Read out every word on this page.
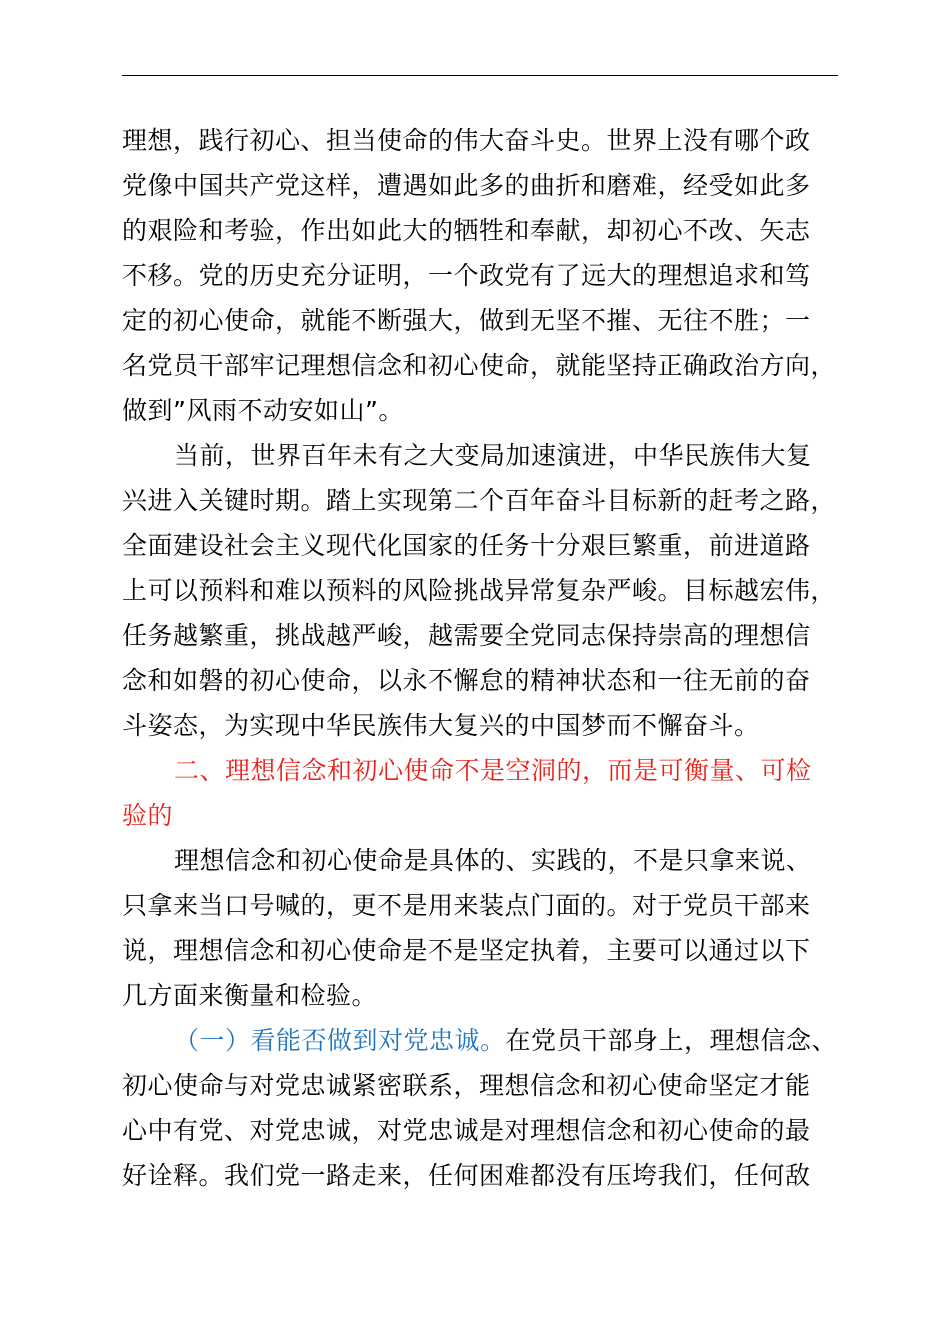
理想，践行初心、担当使命的伟大奋斗史。世界上没有哪个政
党像中国共产党这样，遭遇如此多的曲折和磨难，经受如此多
的艰险和考验，作出如此大的牺牲和奉献，却初心不改、矢志
不移。党的历史充分证明，一个政党有了远大的理想追求和笃
定的初心使命，就能不断强大，做到无坚不摧、无往不胜；一
名党员干部牢记理想信念和初心使命，就能坚持正确政治方向，
做到”风雨不动安如山”。
当前，世界百年未有之大变局加速演进，中华民族伟大复
兴进入关键时期。踏上实现第二个百年奋斗目标新的赶考之路，
全面建设社会主义现代化国家的任务十分艰巨繁重，前进道路
上可以预料和难以预料的风险挑战异常复杂严峻。目标越宏伟，
任务越繁重，挑战越严峻，越需要全党同志保持崇高的理想信
念和如磐的初心使命，以永不懈怠的精神状态和一往无前的奋
斗姿态，为实现中华民族伟大复兴的中国梦而不懈奋斗。
二、理想信念和初心使命不是空洞的，而是可衡量、可检
验的
理想信念和初心使命是具体的、实践的，不是只拿来说、
只拿来当口号喊的，更不是用来装点门面的。对于党员干部来
说，理想信念和初心使命是不是坚定执着，主要可以通过以下
几方面来衡量和检验。
（一）看能否做到对党忠诚。在党员干部身上，理想信念、
初心使命与对党忠诚紧密联系，理想信念和初心使命坚定才能
心中有党、对党忠诚，对党忠诚是对理想信念和初心使命的最
好诠释。我们党一路走来，任何困难都没有压垮我们，任何敌
